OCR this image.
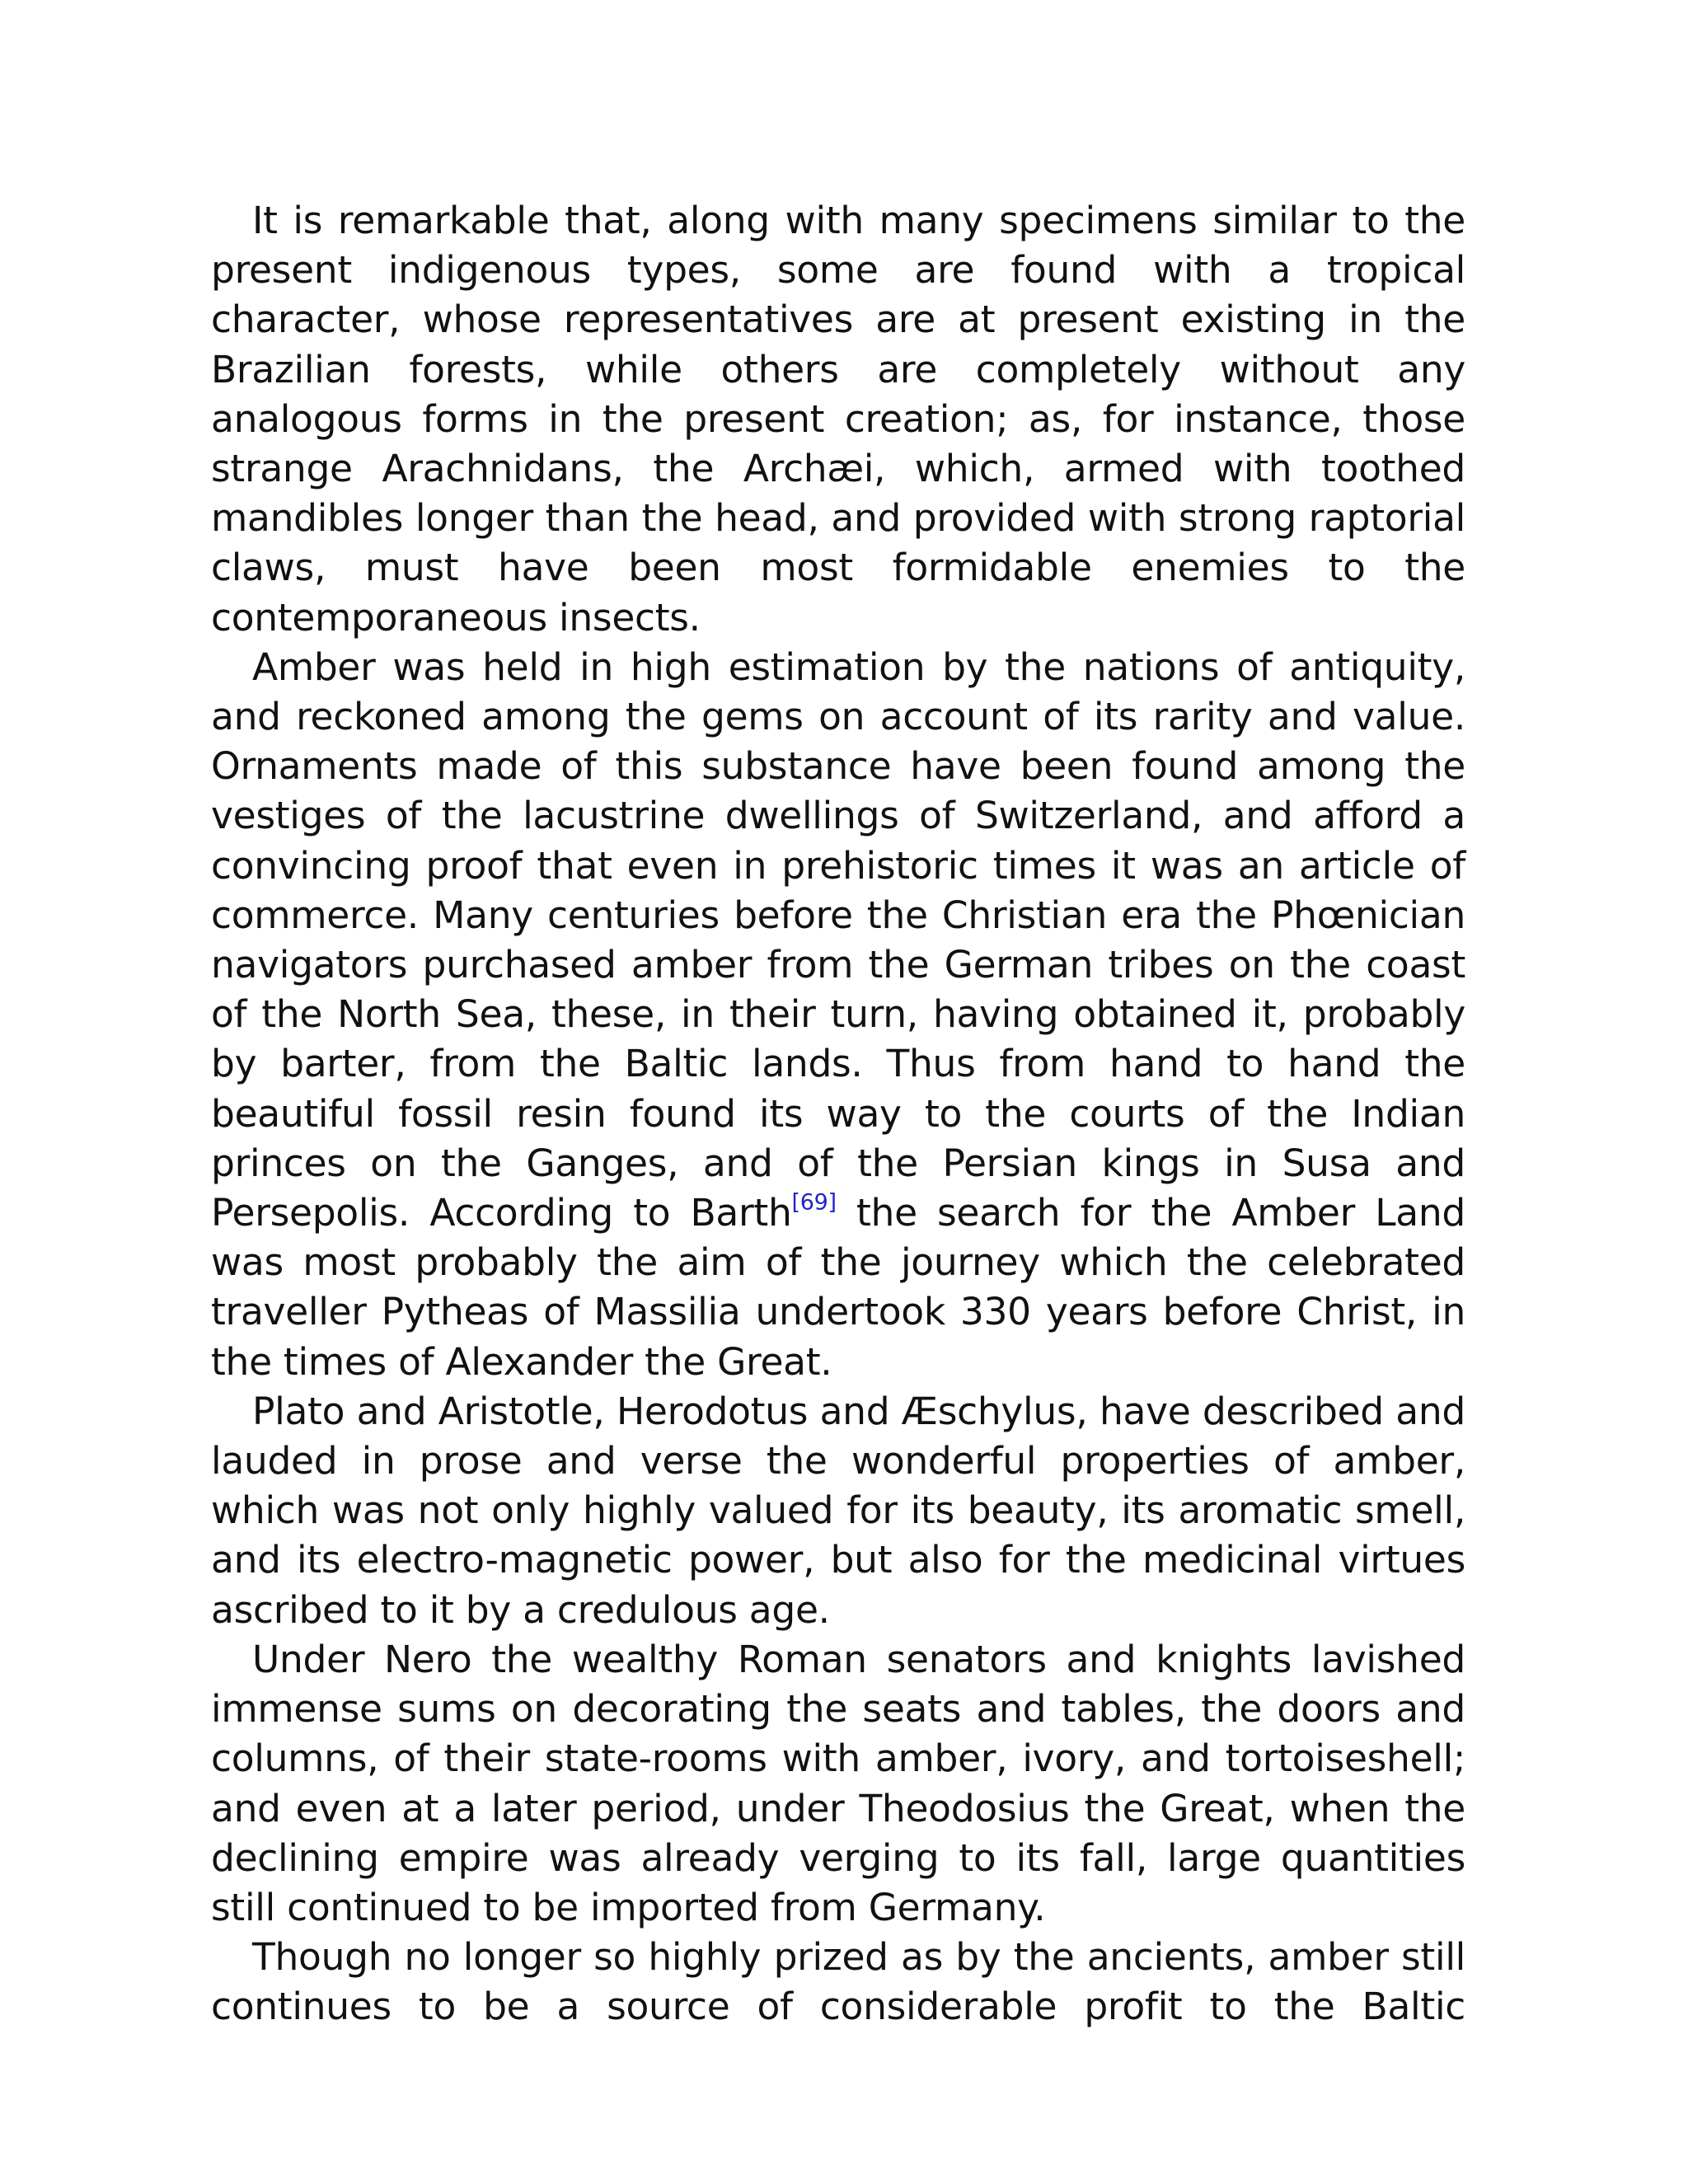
It is remarkable that, along with many specimens similar to the present indigenous types, some are found with a tropical character, whose representatives are at present existing in the Brazilian forests, while others are completely without any analogous forms in the present creation; as, for instance, those strange Arachnidans, the Archæi, which, armed with toothed mandibles longer than the head, and provided with strong raptorial claws, must have been most formidable enemies to the contemporaneous insects.

Amber was held in high estimation by the nations of antiquity, and reckoned among the gems on account of its rarity and value. Ornaments made of this substance have been found among the vestiges of the lacustrine dwellings of Switzerland, and afford a convincing proof that even in prehistoric times it was an article of commerce. Many centuries before the Christian era the Phœnician navigators purchased amber from the German tribes on the coast of the North Sea, these, in their turn, having obtained it, probably by barter, from the Baltic lands. Thus from hand to hand the beautiful fossil resin found its way to the courts of the Indian princes on the Ganges, and of the Persian kings in Susa and Persepolis. According to Barth[69] the search for the Amber Land was most probably the aim of the journey which the celebrated traveller Pytheas of Massilia undertook 330 years before Christ, in the times of Alexander the Great.

Plato and Aristotle, Herodotus and Æschylus, have described and lauded in prose and verse the wonderful properties of amber, which was not only highly valued for its beauty, its aromatic smell, and its electro-magnetic power, but also for the medicinal virtues ascribed to it by a credulous age.

Under Nero the wealthy Roman senators and knights lavished immense sums on decorating the seats and tables, the doors and columns, of their state-rooms with amber, ivory, and tortoiseshell; and even at a later period, under Theodosius the Great, when the declining empire was already verging to its fall, large quantities still continued to be imported from Germany.

Though no longer so highly prized as by the ancients, amber still continues to be a source of considerable profit to the Baltic
